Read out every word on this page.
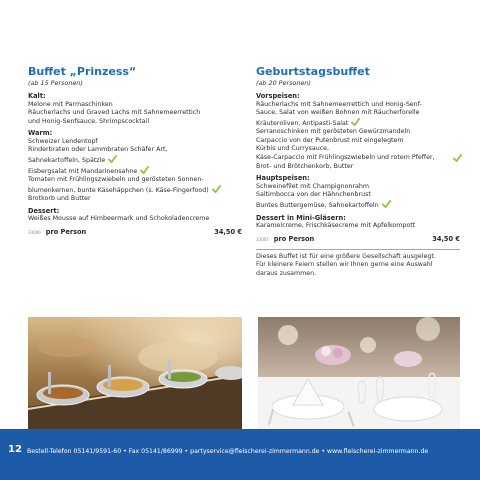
Buffet „Prinzess“
(ab 15 Personen)
Kalt:
Melone mit Parmaschinken
Räucherlachs und Graved Lachs mit Sahnemeerrettich
und Honig-Senfsauce, Shrimpscocktail
Warm:
Schweizer Lendentopf
Rinderbraten oder Lammbraten Schäfer Art,
Sahnekartoffeln, Spätzle
Eisbergsalat mit Mandarinensahne
Tomaten mit Frühlingszwiebeln und gerösteten Sonnen-
blumenkernen, bunte Käsehäppchen (s. Käse-Fingerfood)
Brotkorb und Butter
Dessert:
Weißes Mousse auf Himbeermark und Schokoladencreme
33000 pro Person	34,50 €
Geburtstagsbuffet
(ab 20 Personen)
Vorspeisen:
Räucherlachs mit Sahnemeerrettich und Honig-Senf-
Sauce, Salat von weißen Bohnen mit Räucherforelle
Kräuteroliven, Antipasti-Salat
Serranoschinken mit gerösteten Gewürzmandeln
Carpaccio von der Putenbrust mit eingelegtem
Kürbis und Currysauce,
Käse-Carpaccio mit Frühlingszwiebeln und rotem Pfeffer,
Brot- und Brötchenkorb, Butter
Hauptspeisen:
Schweinefilet mit Champignonrahm
Saltimbocca von der Hähnchenbrust
Buntes Buttergemüse, Sahnekartoffeln
Dessert in Mini-Gläsern:
Karamelcreme, Frischkäsecreme mit Apfelkompott
33007 pro Person	34,50 €
Dieses Buffet ist für eine größere Gesellschaft ausgelegt.
Für kleinere Feiern stellen wir Ihnen gerne eine Auswahl
daraus zusammen.
12 Bestell-Telefon 05141/9591-60 • Fax 05141/86999 • partyservice@fleischerei-zimmermann.de • www.fleischerei-zimmermann.de
